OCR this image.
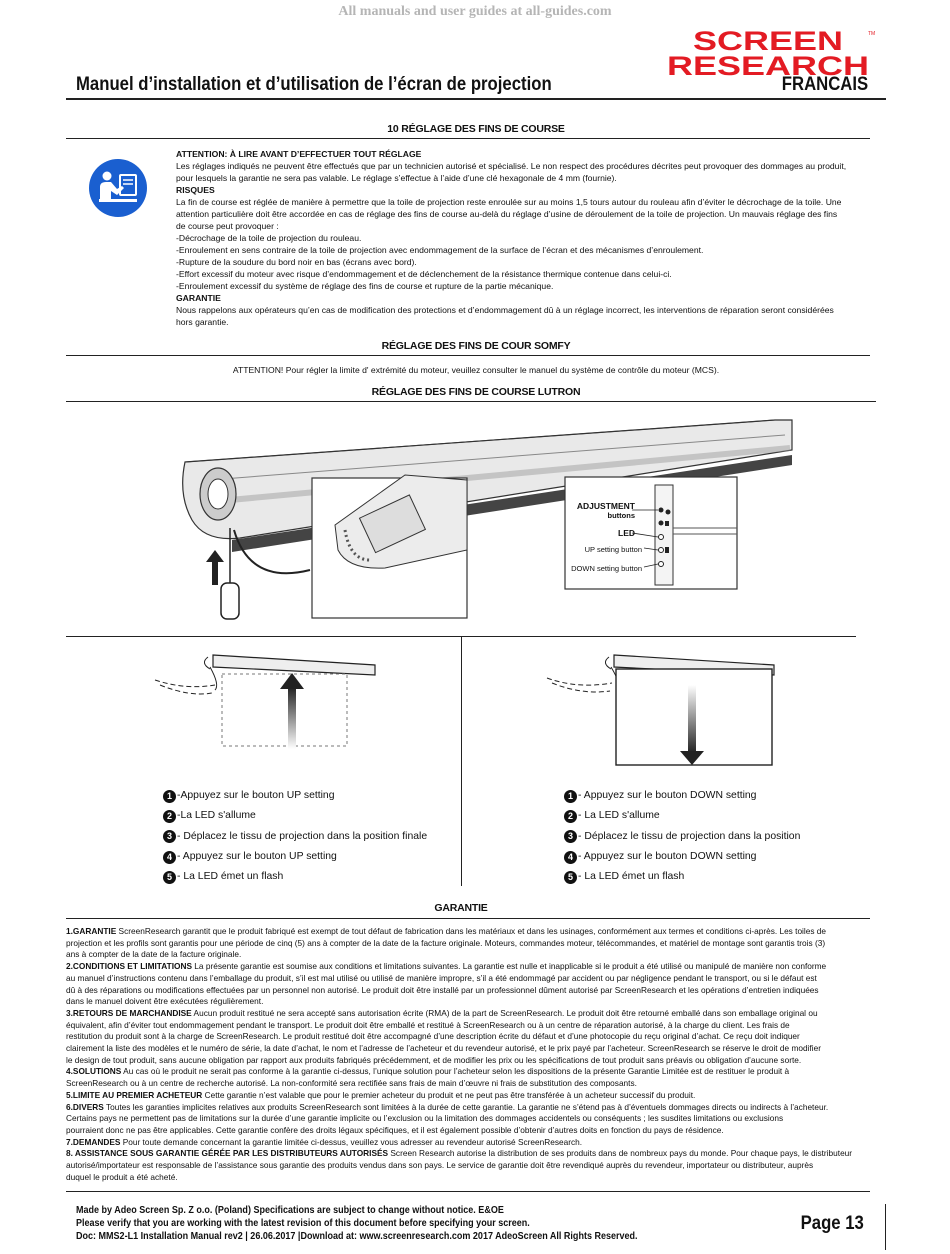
All manuals and user guides at all-guides.com
SCREEN
RESEARCH
TM
Manuel d’installation et d’utilisation de l’écran de projection	FRANCAIS
10 RÉGLAGE DES FINS DE COURSE
ATTENTION: À LIRE AVANT D’EFFECTUER TOUT RÉGLAGE
Les réglages indiqués ne peuvent être effectués que par un technicien autorisé et spécialisé. Le non respect des procédures décrites peut provoquer des dommages au produit,
pour lesquels la garantie ne sera pas valable. Le réglage s’effectue à l’aide d’une clé hexagonale de 4 mm (fournie).
RISQUES
La fin de course est réglée de manière à permettre que la toile de projection reste enroulée sur au moins 1,5 tours autour du rouleau afin d’éviter le décrochage de la toile. Une
attention particulière doit être accordée en cas de réglage des fins de course au-delà du réglage d’usine de déroulement de la toile de projection. Un mauvais réglage des fins
de course peut provoquer :
-Décrochage de la toile de projection du rouleau.
-Enroulement en sens contraire de la toile de projection avec endommagement de la surface de l’écran et des mécanismes d’enroulement.
-Rupture de la soudure du bord noir en bas (écrans avec bord).
-Effort excessif du moteur avec risque d’endommagement et de déclenchement de la résistance thermique contenue dans celui-ci.
-Enroulement excessif du système de réglage des fins de course et rupture de la partie mécanique.
GARANTIE
Nous rappelons aux opérateurs qu’en cas de modification des protections et d’endommagement dû à un réglage incorrect, les interventions de réparation seront considérées
hors garantie.
RÉGLAGE DES FINS DE COUR SOMFY
ATTENTION! Pour régler la limite d' extrémité du moteur, veuillez consulter le manuel du système de contrôle du moteur (MCS).
RÉGLAGE DES FINS DE COURSE LUTRON
ADJUSTMENT
buttons
LED
UP setting button
DOWN setting button
1 -Appuyez sur le bouton UP setting
2 -La LED s'allume
3 - Déplacez le tissu de projection dans la position finale
4 - Appuyez sur le bouton UP setting
5 - La LED émet un flash
1 - Appuyez sur le bouton DOWN setting
2 - La LED s'allume
3 - Déplacez le tissu de projection dans la position
4 - Appuyez sur le bouton DOWN setting
5 - La LED émet un flash
GARANTIE
1.GARANTIE ScreenResearch garantit que le produit fabriqué est exempt de tout défaut de fabrication dans les matériaux et dans les usinages, conformément aux termes et conditions ci-après. Les toiles de
projection et les profils sont garantis pour une période de cinq (5) ans à compter de la date de la facture originale. Moteurs, commandes moteur, télécommandes, et matériel de montage sont garantis trois (3)
ans à compter de la date de la facture originale.
2.CONDITIONS ET LIMITATIONS La présente garantie est soumise aux conditions et limitations suivantes. La garantie est nulle et inapplicable si le produit a été utilisé ou manipulé de manière non conforme
au manuel d’instructions contenu dans l’emballage du produit, s’il est mal utilisé ou utilisé de manière impropre, s’il a été endommagé par accident ou par négligence pendant le transport, ou si le défaut est
dû à des réparations ou modifications effectuées par un personnel non autorisé. Le produit doit être installé par un professionnel dûment autorisé par ScreenResearch et les opérations d’entretien indiquées
dans le manuel doivent être exécutées régulièrement.
3.RETOURS DE MARCHANDISE Aucun produit restitué ne sera accepté sans autorisation écrite (RMA) de la part de ScreenResearch. Le produit doit être retourné emballé dans son emballage original ou
équivalent, afin d’éviter tout endommagement pendant le transport. Le produit doit être emballé et restitué à ScreenResearch ou à un centre de réparation autorisé, à la charge du client. Les frais de
restitution du produit sont à la charge de ScreenResearch. Le produit restitué doit être accompagné d’une description écrite du défaut et d’une photocopie du reçu original d’achat. Ce reçu doit indiquer
clairement la liste des modèles et le numéro de série, la date d’achat, le nom et l’adresse de l’acheteur et du revendeur autorisé, et le prix payé par l’acheteur. ScreenResearch se réserve le droit de modifier
le design de tout produit, sans aucune obligation par rapport aux produits fabriqués précédemment, et de modifier les prix ou les spécifications de tout produit sans préavis ou obligation d’aucune sorte.
4.SOLUTIONS Au cas où le produit ne serait pas conforme à la garantie ci-dessus, l’unique solution pour l’acheteur selon les dispositions de la présente Garantie Limitée est de restituer le produit à
ScreenResearch ou à un centre de recherche autorisé. La non-conformité sera rectifiée sans frais de main d’œuvre ni frais de substitution des composants.
5.LIMITE AU PREMIER ACHETEUR Cette garantie n’est valable que pour le premier acheteur du produit et ne peut pas être transférée à un acheteur successif du produit.
6.DIVERS Toutes les garanties implicites relatives aux produits ScreenResearch sont limitées à la durée de cette garantie. La garantie ne s’étend pas à d’éventuels dommages directs ou indirects à l’acheteur.
Certains pays ne permettent pas de limitations sur la durée d’une garantie implicite ou l’exclusion ou la limitation des dommages accidentels ou conséquents ; les susdites limitations ou exclusions
pourraient donc ne pas être applicables. Cette garantie confère des droits légaux spécifiques, et il est également possible d’obtenir d’autres doits en fonction du pays de résidence.
7.DEMANDES Pour toute demande concernant la garantie limitée ci-dessus, veuillez vous adresser au revendeur autorisé ScreenResearch.
8. ASSISTANCE SOUS GARANTIE GÉRÉE PAR LES DISTRIBUTEURS AUTORISÉS Screen Research autorise la distribution de ses produits dans de nombreux pays du monde. Pour chaque pays, le distributeur
autorisé/importateur est responsable de l’assistance sous garantie des produits vendus dans son pays. Le service de garantie doit être revendiqué auprès du revendeur, importateur ou distributeur, auprès
duquel le produit a été acheté.
Made by Adeo Screen Sp. Z o.o. (Poland) Specifications are subject to change without notice. E&OE
Please verify that you are working with the latest revision of this document before specifying your screen.
Doc: MMS2-L1 Installation Manual rev2 | 26.06.2017 |Download at: www.screenresearch.com 2017 AdeoScreen All Rights Reserved.
Page 13
